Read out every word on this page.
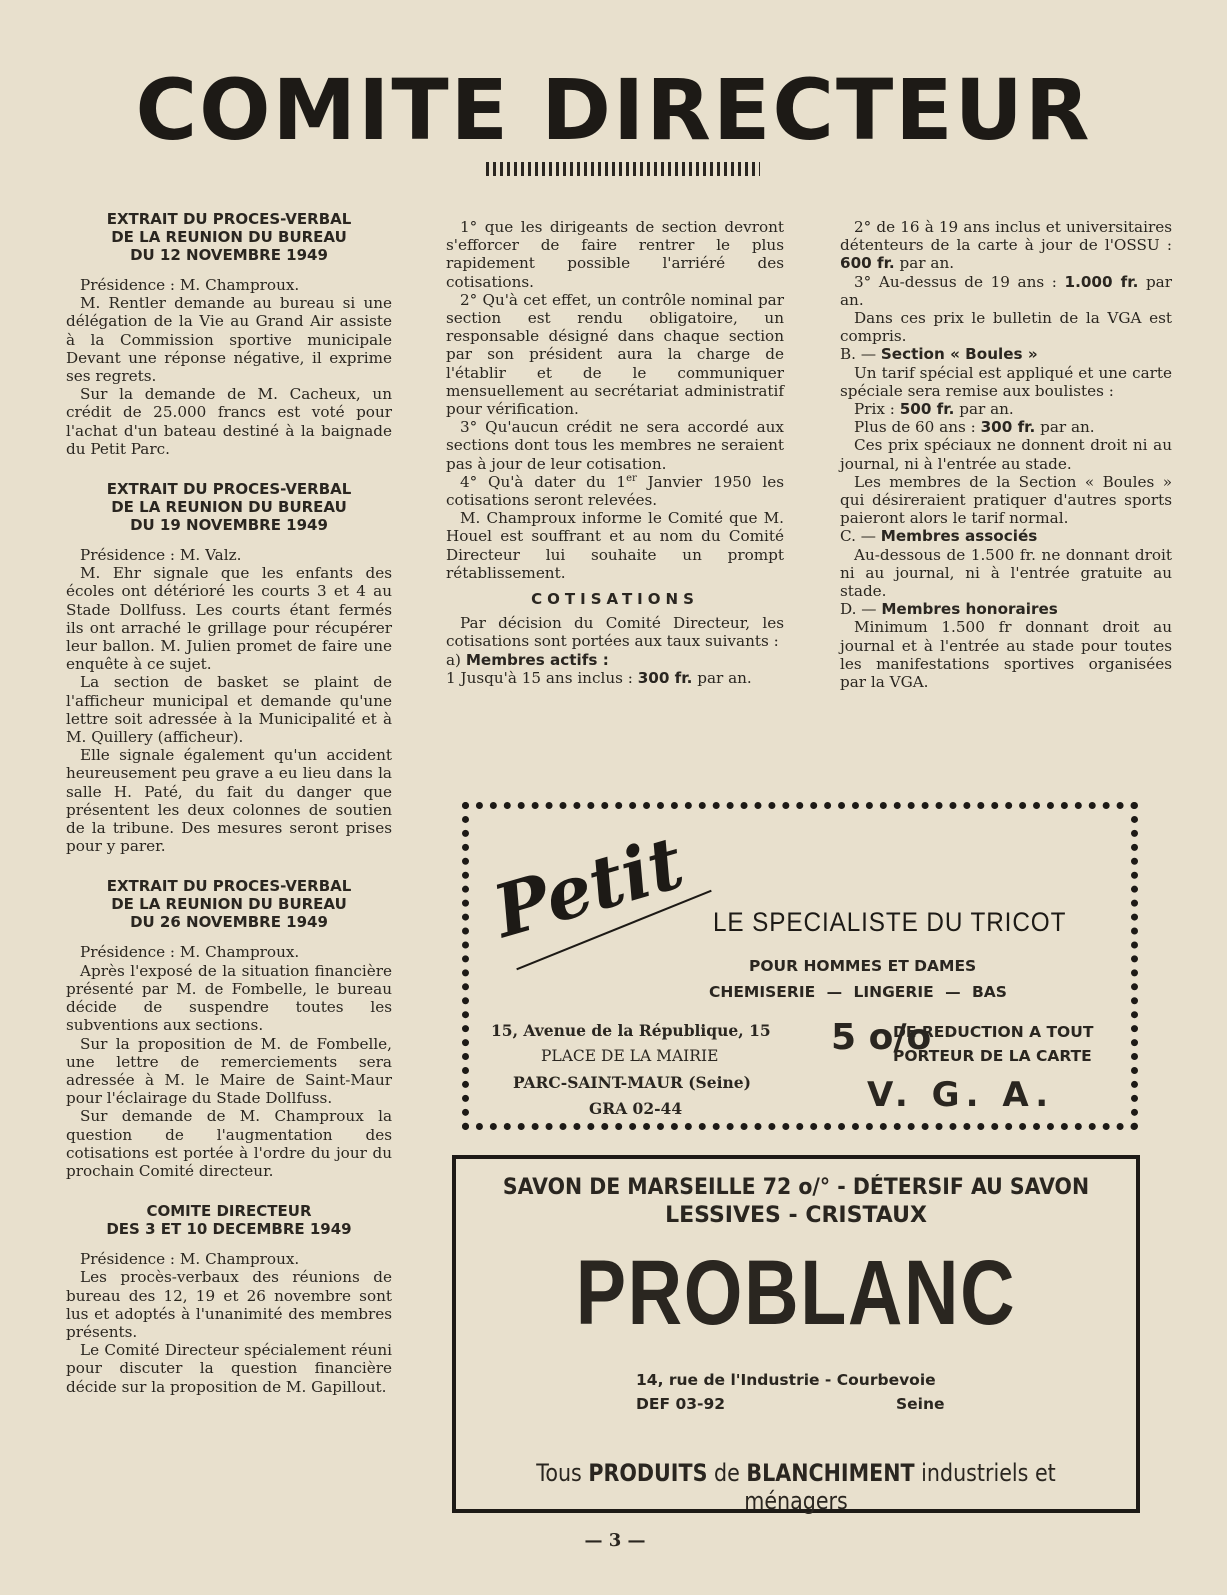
COMITE DIRECTEUR
EXTRAIT DU PROCES-VERBAL
DE LA REUNION DU BUREAU
DU 12 NOVEMBRE 1949

Présidence : M. Champroux.

M. Rentler demande au bureau si une délégation de la Vie au Grand Air assiste à la Commission sportive municipale Devant une réponse négative, il exprime ses regrets.

Sur la demande de M. Cacheux, un crédit de 25.000 francs est voté pour l'achat d'un bateau destiné à la baignade du Petit Parc.

EXTRAIT DU PROCES-VERBAL
DE LA REUNION DU BUREAU
DU 19 NOVEMBRE 1949

Présidence : M. Valz.

M. Ehr signale que les enfants des écoles ont détérioré les courts 3 et 4 au Stade Dollfuss. Les courts étant fermés ils ont arraché le grillage pour récupérer leur ballon. M. Julien promet de faire une enquête à ce sujet.

La section de basket se plaint de l'afficheur municipal et demande qu'une lettre soit adressée à la Municipalité et à M. Quillery (afficheur).

Elle signale également qu'un accident heureusement peu grave a eu lieu dans la salle H. Paté, du fait du danger que présentent les deux colonnes de soutien de la tribune. Des mesures seront prises pour y parer.

EXTRAIT DU PROCES-VERBAL
DE LA REUNION DU BUREAU
DU 26 NOVEMBRE 1949

Présidence : M. Champroux.

Après l'exposé de la situation financière présenté par M. de Fombelle, le bureau décide de suspendre toutes les subventions aux sections.

Sur la proposition de M. de Fombelle, une lettre de remerciements sera adressée à M. le Maire de Saint-Maur pour l'éclairage du Stade Dollfuss.

Sur demande de M. Champroux la question de l'augmentation des cotisations est portée à l'ordre du jour du prochain Comité directeur.

COMITE DIRECTEUR
DES 3 ET 10 DECEMBRE 1949

Présidence : M. Champroux.

Les procès-verbaux des réunions de bureau des 12, 19 et 26 novembre sont lus et adoptés à l'unanimité des membres présents.

Le Comité Directeur spécialement réuni pour discuter la question financière décide sur la proposition de M. Gapillout.

1° que les dirigeants de section devront s'efforcer de faire rentrer le plus rapidement possible l'arriéré des cotisations.

2° Qu'à cet effet, un contrôle nominal par section est rendu obligatoire, un responsable désigné dans chaque section par son président aura la charge de l'établir et de le communiquer mensuellement au secrétariat administratif pour vérification.

3° Qu'aucun crédit ne sera accordé aux sections dont tous les membres ne seraient pas à jour de leur cotisation.

4° Qu'à dater du 1er Janvier 1950 les cotisations seront relevées.

M. Champroux informe le Comité que M. Houel est souffrant et au nom du Comité Directeur lui souhaite un prompt rétablissement.

COTISATIONS

Par décision du Comité Directeur, les cotisations sont portées aux taux suivants :

a) Membres actifs :

1 Jusqu'à 15 ans inclus : 300 fr. par an.

2° de 16 à 19 ans inclus et universitaires détenteurs de la carte à jour de l'OSSU : 600 fr. par an.

3° Au-dessus de 19 ans : 1.000 fr. par an.

Dans ces prix le bulletin de la VGA est compris.

B. — Section « Boules »

Un tarif spécial est appliqué et une carte spéciale sera remise aux boulistes :

Prix : 500 fr. par an.

Plus de 60 ans : 300 fr. par an.

Ces prix spéciaux ne donnent droit ni au journal, ni à l'entrée au stade.

Les membres de la Section « Boules » qui désireraient pratiquer d'autres sports paieront alors le tarif normal.

C. — Membres associés

Au-dessous de 1.500 fr. ne donnant droit ni au journal, ni à l'entrée gratuite au stade.

D. — Membres honoraires

Minimum 1.500 fr donnant droit au journal et à l'entrée au stade pour toutes les manifestations sportives organisées par la VGA.

Petit LE SPECIALISTE DU TRICOT
POUR HOMMES ET DAMES
CHEMISERIE — LINGERIE — BAS
15, Avenue de la République, 15
PLACE DE LA MAIRIE
PARC-SAINT-MAUR (Seine)
GRA 02-44
5 o/o
DE REDUCTION A TOUT
PORTEUR DE LA CARTE
V. G. A.
SAVON DE MARSEILLE 72 o/° - DÉTERSIF AU SAVON
LESSIVES - CRISTAUX
PROBLANC
14, rue de l'Industrie - Courbevoie
DEF 03-92	Seine
Tous PRODUITS de BLANCHIMENT industriels et ménagers
— 3 —
